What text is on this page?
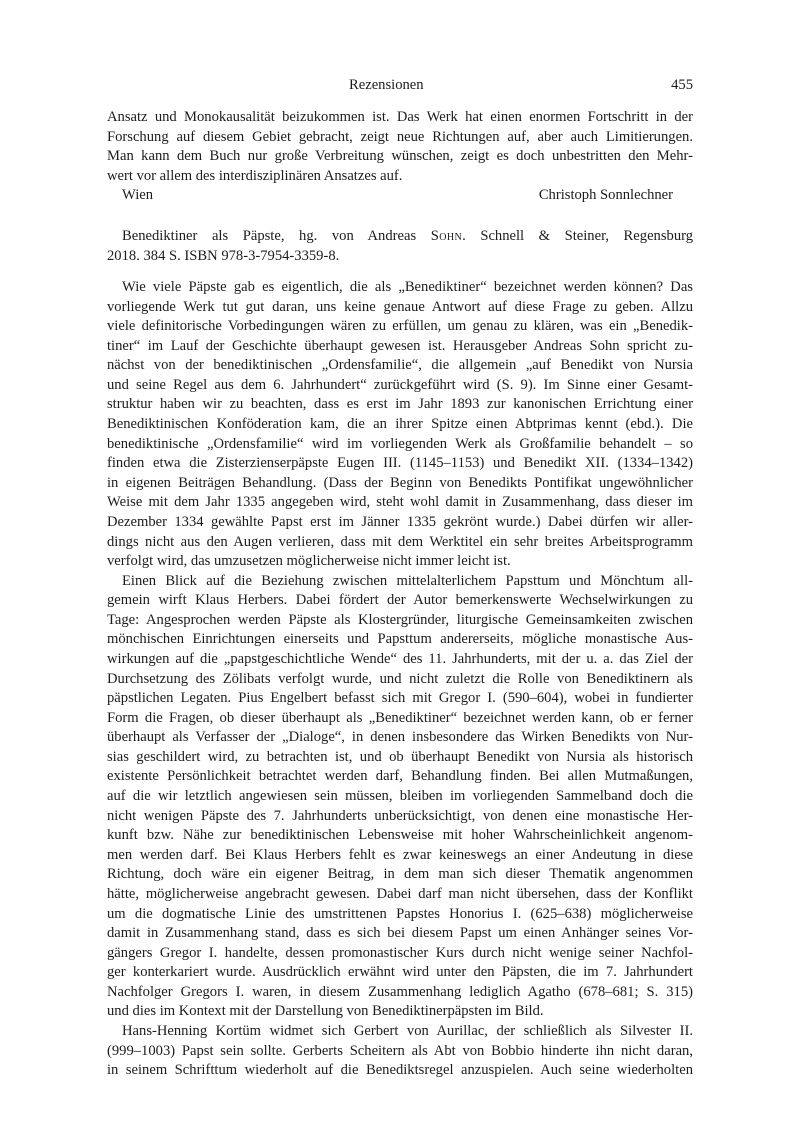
Rezensionen	455
Ansatz und Monokausalität beizukommen ist. Das Werk hat einen enormen Fortschritt in der
Forschung auf diesem Gebiet gebracht, zeigt neue Richtungen auf, aber auch Limitierungen.
Man kann dem Buch nur große Verbreitung wünschen, zeigt es doch unbestritten den Mehr-
wert vor allem des interdisziplinären Ansatzes auf.
Wien	Christoph Sonnlechner
Benediktiner als Päpste, hg. von Andreas Sohn. Schnell & Steiner, Regensburg
2018. 384 S. ISBN 978-3-7954-3359-8.
Wie viele Päpste gab es eigentlich, die als „Benediktiner“ bezeichnet werden können? Das
vorliegende Werk tut gut daran, uns keine genaue Antwort auf diese Frage zu geben. Allzu
viele definitorische Vorbedingungen wären zu erfüllen, um genau zu klären, was ein „Benedik-
tiner“ im Lauf der Geschichte überhaupt gewesen ist. Herausgeber Andreas Sohn spricht zu-
nächst von der benediktinischen „Ordensfamilie“, die allgemein „auf Benedikt von Nursia
und seine Regel aus dem 6. Jahrhundert“ zurückgeführt wird (S. 9). Im Sinne einer Gesamt-
struktur haben wir zu beachten, dass es erst im Jahr 1893 zur kanonischen Errichtung einer
Benediktinischen Konföderation kam, die an ihrer Spitze einen Abtprimas kennt (ebd.). Die
benediktinische „Ordensfamilie“ wird im vorliegenden Werk als Großfamilie behandelt – so
finden etwa die Zisterzienserpäpste Eugen III. (1145–1153) und Benedikt XII. (1334–1342)
in eigenen Beiträgen Behandlung. (Dass der Beginn von Benedikts Pontifikat ungewöhnlicher
Weise mit dem Jahr 1335 angegeben wird, steht wohl damit in Zusammenhang, dass dieser im
Dezember 1334 gewählte Papst erst im Jänner 1335 gekrönt wurde.) Dabei dürfen wir aller-
dings nicht aus den Augen verlieren, dass mit dem Werktitel ein sehr breites Arbeitsprogramm
verfolgt wird, das umzusetzen möglicherweise nicht immer leicht ist.
Einen Blick auf die Beziehung zwischen mittelalterlichem Papsttum und Mönchtum all-
gemein wirft Klaus Herbers. Dabei fördert der Autor bemerkenswerte Wechselwirkungen zu
Tage: Angesprochen werden Päpste als Klostergründer, liturgische Gemeinsamkeiten zwischen
mönchischen Einrichtungen einerseits und Papsttum andererseits, mögliche monastische Aus-
wirkungen auf die „papstgeschichtliche Wende“ des 11. Jahrhunderts, mit der u. a. das Ziel der
Durchsetzung des Zölibats verfolgt wurde, und nicht zuletzt die Rolle von Benediktinern als
päpstlichen Legaten. Pius Engelbert befasst sich mit Gregor I. (590–604), wobei in fundierter
Form die Fragen, ob dieser überhaupt als „Benediktiner“ bezeichnet werden kann, ob er ferner
überhaupt als Verfasser der „Dialoge“, in denen insbesondere das Wirken Benedikts von Nur-
sias geschildert wird, zu betrachten ist, und ob überhaupt Benedikt von Nursia als historisch
existente Persönlichkeit betrachtet werden darf, Behandlung finden. Bei allen Mutmaßungen,
auf die wir letztlich angewiesen sein müssen, bleiben im vorliegenden Sammelband doch die
nicht wenigen Päpste des 7. Jahrhunderts unberücksichtigt, von denen eine monastische Her-
kunft bzw. Nähe zur benediktinischen Lebensweise mit hoher Wahrscheinlichkeit angenom-
men werden darf. Bei Klaus Herbers fehlt es zwar keineswegs an einer Andeutung in diese
Richtung, doch wäre ein eigener Beitrag, in dem man sich dieser Thematik angenommen
hätte, möglicherweise angebracht gewesen. Dabei darf man nicht übersehen, dass der Konflikt
um die dogmatische Linie des umstrittenen Papstes Honorius I. (625–638) möglicherweise
damit in Zusammenhang stand, dass es sich bei diesem Papst um einen Anhänger seines Vor-
gängers Gregor I. handelte, dessen promonastischer Kurs durch nicht wenige seiner Nachfol-
ger konterkariert wurde. Ausdrücklich erwähnt wird unter den Päpsten, die im 7. Jahrhundert
Nachfolger Gregors I. waren, in diesem Zusammenhang lediglich Agatho (678–681; S. 315)
und dies im Kontext mit der Darstellung von Benediktinerpäpsten im Bild.
Hans-Henning Kortüm widmet sich Gerbert von Aurillac, der schließlich als Silvester II.
(999–1003) Papst sein sollte. Gerberts Scheitern als Abt von Bobbio hinderte ihn nicht daran,
in seinem Schrifttum wiederholt auf die Benediktsregel anzuspielen. Auch seine wiederholten
